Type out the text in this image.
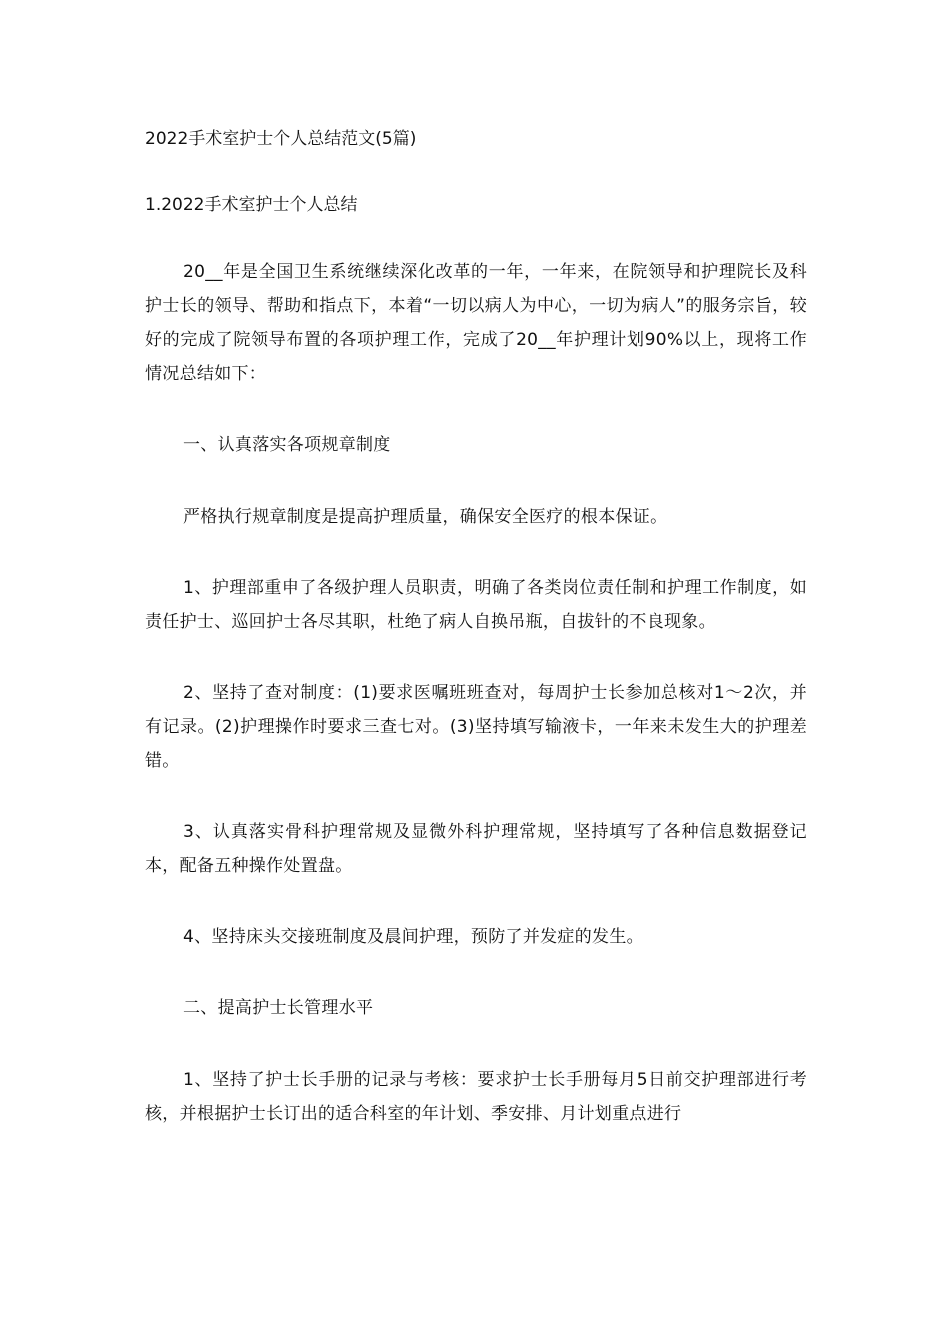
2022手术室护士个人总结范文(5篇)
1.2022手术室护士个人总结

20__年是全国卫生系统继续深化改革的一年，一年来，在院领导和护理院长及科护士长的领导、帮助和指点下，本着“一切以病人为中心，一切为病人”的服务宗旨，较好的完成了院领导布置的各项护理工作，完成了20__年护理计划90%以上，现将工作情况总结如下：

一、认真落实各项规章制度

严格执行规章制度是提高护理质量，确保安全医疗的根本保证。

1、护理部重申了各级护理人员职责，明确了各类岗位责任制和护理工作制度，如责任护士、巡回护士各尽其职，杜绝了病人自换吊瓶，自拔针的不良现象。

2、坚持了查对制度：(1)要求医嘱班班查对，每周护士长参加总核对1～2次，并有记录。(2)护理操作时要求三查七对。(3)坚持填写输液卡，一年来未发生大的护理差错。

3、认真落实骨科护理常规及显微外科护理常规，坚持填写了各种信息数据登记本，配备五种操作处置盘。

4、坚持床头交接班制度及晨间护理，预防了并发症的发生。

二、提高护士长管理水平

1、坚持了护士长手册的记录与考核：要求护士长手册每月5日前交护理部进行考核，并根据护士长订出的适合科室的年计划、季安排、月计划重点进行
